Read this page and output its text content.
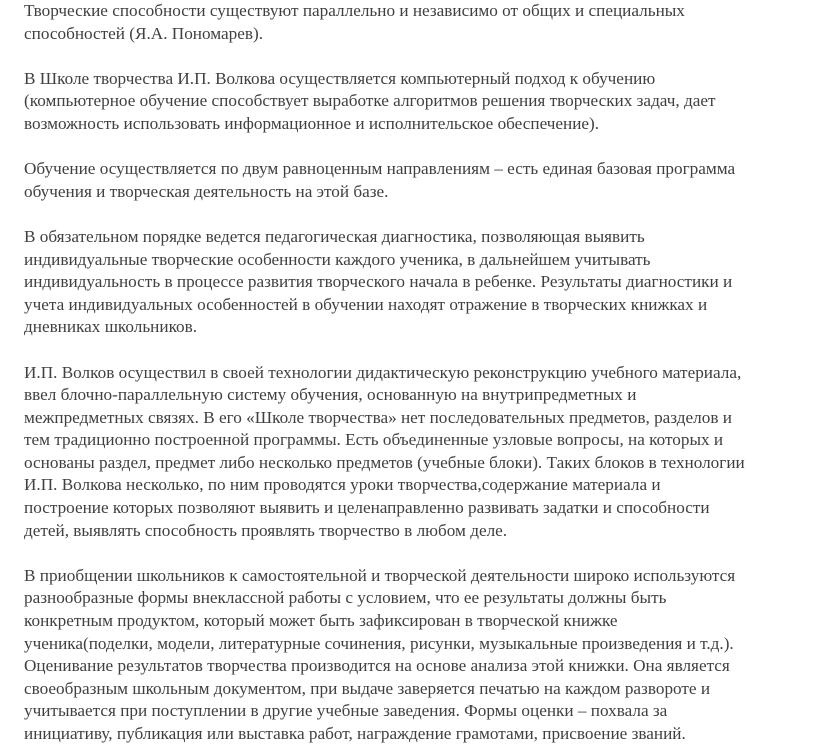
Творческие способности существуют параллельно и независимо от общих и специальных
способностей (Я.А. Пономарев).

В Школе творчества И.П. Волкова осуществляется компьютерный подход к обучению
(компьютерное обучение способствует выработке алгоритмов решения творческих задач, дает
возможность использовать информационное и исполнительское обеспечение).

Обучение осуществляется по двум равноценным направлениям – есть единая базовая программа
обучения и творческая деятельность на этой базе.

В обязательном порядке ведется педагогическая диагностика, позволяющая выявить
индивидуальные творческие особенности каждого ученика, в дальнейшем учитывать
индивидуальность в процессе развития творческого начала в ребенке. Результаты диагностики и
учета индивидуальных особенностей в обучении находят отражение в творческих книжках и
дневниках школьников.

И.П. Волков осуществил в своей технологии дидактическую реконструкцию учебного материала,
ввел блочно-параллельную систему обучения, основанную на внутрипредметных и
межпредметных связях. В его «Школе творчества» нет последовательных предметов, разделов и
тем традиционно построенной программы. Есть объединенные узловые вопросы, на которых и
основаны раздел, предмет либо несколько предметов (учебные блоки). Таких блоков в технологии
И.П. Волкова несколько, по ним проводятся уроки творчества,содержание материала и
построение которых позволяют выявить и целенаправленно развивать задатки и способности
детей, выявлять способность проявлять творчество в любом деле.

В приобщении школьников к самостоятельной и творческой деятельности широко используются
разнообразные формы внеклассной работы с условием, что ее результаты должны быть
конкретным продуктом, который может быть зафиксирован в творческой книжке
ученика(поделки, модели, литературные сочинения, рисунки, музыкальные произведения и т.д.).
Оценивание результатов творчества производится на основе анализа этой книжки. Она является
своеобразным школьным документом, при выдаче заверяется печатью на каждом развороте и
учитывается при поступлении в другие учебные заведения. Формы оценки – похвала за
инициативу, публикация или выставка работ, награждение грамотами, присвоение званий.
